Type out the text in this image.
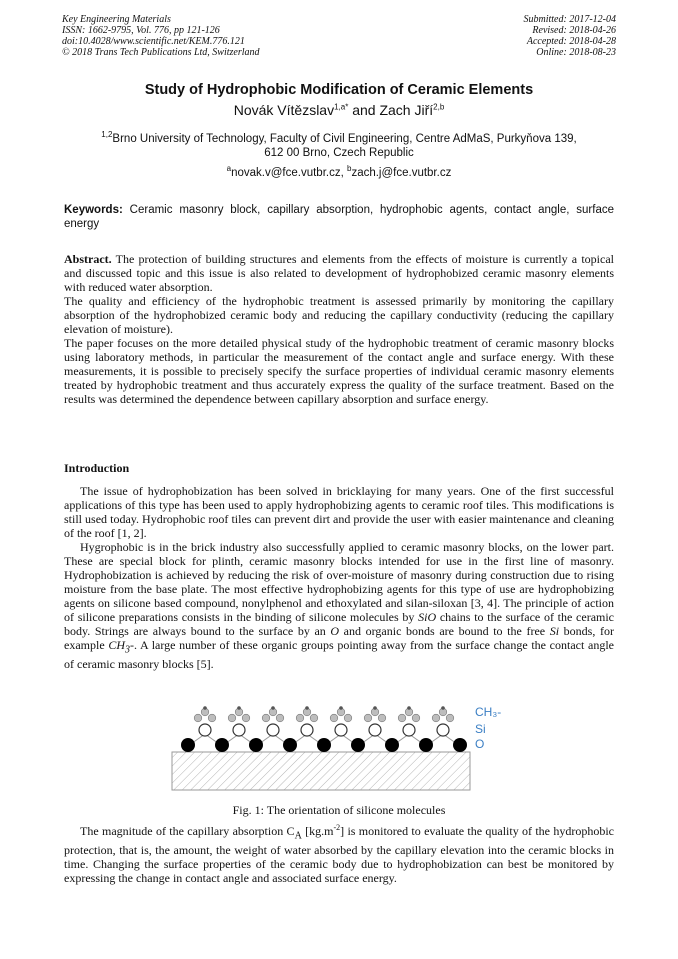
Key Engineering Materials
ISSN: 1662-9795, Vol. 776, pp 121-126
doi:10.4028/www.scientific.net/KEM.776.121
© 2018 Trans Tech Publications Ltd, Switzerland
Submitted: 2017-12-04
Revised: 2018-04-26
Accepted: 2018-04-28
Online: 2018-08-23
Study of Hydrophobic Modification of Ceramic Elements
Novák Vítězslav$^{1,a*}$ and Zach Jiří$^{2,b}$
$^{1,2}$Brno University of Technology, Faculty of Civil Engineering, Centre AdMaS, Purkyňova 139,
612 00 Brno, Czech Republic
$^a$novak.v@fce.vutbr.cz, $^b$zach.j@fce.vutbr.cz
Keywords: Ceramic masonry block, capillary absorption, hydrophobic agents, contact angle, surface energy

Abstract. The protection of building structures and elements from the effects of moisture is currently a topical and discussed topic and this issue is also related to development of hydrophobized ceramic masonry elements with reduced water absorption.

The quality and efficiency of the hydrophobic treatment is assessed primarily by monitoring the capillary absorption of the hydrophobized ceramic body and reducing the capillary conductivity (reducing the capillary elevation of moisture).

The paper focuses on the more detailed physical study of the hydrophobic treatment of ceramic masonry blocks using laboratory methods, in particular the measurement of the contact angle and surface energy. With these measurements, it is possible to precisely specify the surface properties of individual ceramic masonry elements treated by hydrophobic treatment and thus accurately express the quality of the surface treatment. Based on the results was determined the dependence between capillary absorption and surface energy.

Introduction

The issue of hydrophobization has been solved in bricklaying for many years. One of the first successful applications of this type has been used to apply hydrophobizing agents to ceramic roof tiles. This modifications is still used today. Hydrophobic roof tiles can prevent dirt and provide the user with easier maintenance and cleaning of the roof [1, 2].

Hygrophobic is in the brick industry also successfully applied to ceramic masonry blocks, on the lower part. These are special block for plinth, ceramic masonry blocks intended for use in the first line of masonry. Hydrophobization is achieved by reducing the risk of over-moisture of masonry during construction due to rising moisture from the base plate. The most effective hydrophobizing agents for this type of use are hydrophobizing agents on silicone based compound, nonylphenol and ethoxylated and silan-siloxan [3, 4]. The principle of action of silicone preparations consists in the binding of silicone molecules by SiO chains to the surface of the ceramic body. Strings are always bound to the surface by an O and organic bonds are bound to the free Si bonds, for example $CH_3-$. A large number of these organic groups pointing away from the surface change the contact angle of ceramic masonry blocks [5].

CH₃-
Si
O
Fig. 1: The orientation of silicone molecules

The magnitude of the capillary absorption $C_A$ $[kg.m^{-2}]$ is monitored to evaluate the quality of the hydrophobic protection, that is, the amount, the weight of water absorbed by the capillary elevation into the ceramic blocks in time. Changing the surface properties of the ceramic body due to hydrophobization can best be monitored by expressing the change in contact angle and associated surface energy.
